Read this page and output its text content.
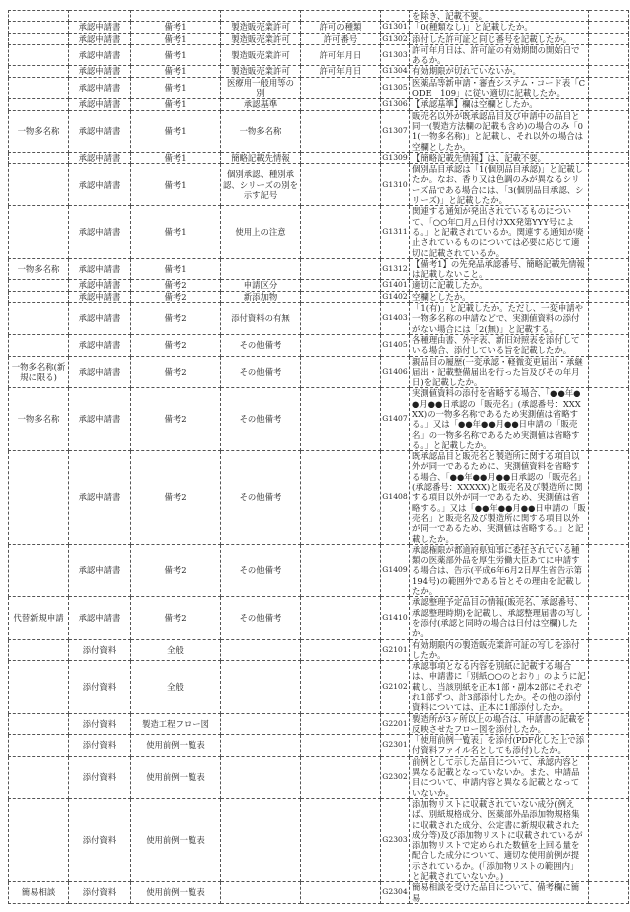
						を除き、記載不要。	
	承認申請書	備考1	製造販売業許可	許可の種類	G1301	「0(種類なし)」と記載したか。	
	承認申請書	備考1	製造販売業許可	許可番号	G1302	添付した許可証と同じ番号を記載したか。	
	承認申請書	備考1	製造販売業許可	許可年月日	G1303	許可年月日は、許可証の有効期間の開始日であるか。	
	承認申請書	備考1	製造販売業許可	許可年月日	G1304	有効期限が切れていないか。	
	承認申請書	備考1	医療用一般用等の別		G1305	医薬品等新申請・審査システム・コード表「CODE　109」に従い適切に記載したか。	
	承認申請書	備考1	承認基準		G1306	【承認基準】欄は空欄としたか。	
一物多名称	承認申請書	備考1	一物多名称		G1307	販売名以外が既承認品目及び申請中の品目と同一(製造方法欄の記載も含め)の場合のみ「01(一物多名称)」と記載し、それ以外の場合は空欄としたか。	
	承認申請書	備考1	簡略記載先情報		G1309	【簡略記載先情報】は、記載不要。	
	承認申請書	備考1	個別承認、種別承認、シリーズの別を示す記号		G1310	個別品目承認は「1(個別品目承認)」と記載したか。なお、香り又は色調のみが異なるシリーズ品である場合には、「3(個別品目承認、シリーズ)」と記載したか。	
	承認申請書	備考1	使用上の注意		G1311	関連する通知が発出されているものについて、「○○年□月△日付けXX発第YYY号による。」と記載されているか。関連する通知が廃止されているものについては必要に応じて適切に記載されているか。	
一物多名称	承認申請書	備考1			G1312	【備考1】の先発品承認番号、簡略記載先情報は記載しないこと。	
	承認申請書	備考2	申請区分		G1401	適切に記載したか。	
	承認申請書	備考2	新添加物		G1402	空欄としたか。	
	承認申請書	備考2	添付資料の有無		G1403	「1(有)」と記載したか。ただし、一変申請や一物多名称の申請などで、実測値資料の添付がない場合には「2(無)」と記載する。	
	承認申請書	備考2	その他備考		G1405	各種理由書、外字表、新旧対照表を添付している場合、添付している旨を記載したか。	
一物多名称(新規に限る)	承認申請書	備考2	その他備考		G1406	親品目の履歴(一変承認・軽微変更届出・承継届出・記載整備届出を行った旨及びその年月日)を記載したか。	
一物多名称	承認申請書	備考2	その他備考		G1407	実測値資料の添付を省略する場合、「●●年●●月●●日承認の「販売名」(承認番号：XXXXX)の一物多名称であるため実測値は省略する。」又は「●●年●●月●●日申請の「販売名」の一物多名称であるため実測値は省略する。」と記載したか。	
	承認申請書	備考2	その他備考		G1408	既承認品目と販売名と製造所に関する項目以外が同一であるために、実測値資料を省略する場合、「●●年●●月●●日承認の「販売名」(承認番号：XXXXX)と販売名及び製造所に関する項目以外が同一であるため、実測値は省略する。」又は「●●年●●月●●日申請の「販売名」と販売名及び製造所に関する項目以外が同一であるため、実測値は省略する。」と記載したか。	
	承認申請書	備考2	その他備考		G1409	承認権限が都道府県知事に委任されている種類の医薬部外品を厚生労働大臣あてに申請する場合は、告示(平成6年6月2日厚生省告示第194号)の範囲外である旨とその理由を記載したか。	
代替新規申請	承認申請書	備考2	その他備考		G1410	承認整理予定品目の情報(販売名、承認番号、承認整理時期)を記載し、承認整理届書の写しを添付(承認と同時の場合は日付は空欄)したか。	
	添付資料	全般			G2101	有効期限内の製造販売業許可証の写しを添付したか。	
	添付資料	全般			G2102	承認事項となる内容を別紙に記載する場合は、申請書に「別紙○○のとおり」のように記載し、当該別紙を正本1部・副本2部にそれぞれ1部ずつ、計3部添付したか。その他の添付資料については、正本に1部添付したか。	
	添付資料	製造工程フロー図			G2201	製造所が3ヶ所以上の場合は、申請書の記載を反映させたフロー図を添付したか。	
	添付資料	使用前例一覧表			G2301	「使用前例一覧表」を添付(PDF化した上で添付資料ファイル名としても添付)したか。	
	添付資料	使用前例一覧表			G2302	前例として示した品目について、承認内容と異なる記載となっていないか。また、申請品目について、申請内容と異なる記載となっていないか。	
	添付資料	使用前例一覧表			G2303	添加物リストに収載されていない成分(例えば、別紙規格成分、医薬部外品添加物規格集に収載された成分、公定書に新規収載された成分等)及び添加物リストに収載されているが添加物リストで定められた数値を上回る量を配合した成分について、適切な使用前例が提示されているか。(「添加物リストの範囲内」と記載されていないか。)	
簡易相談	添付資料	使用前例一覧表			G2304	簡易相談を受けた品目について、備考欄に簡易	
